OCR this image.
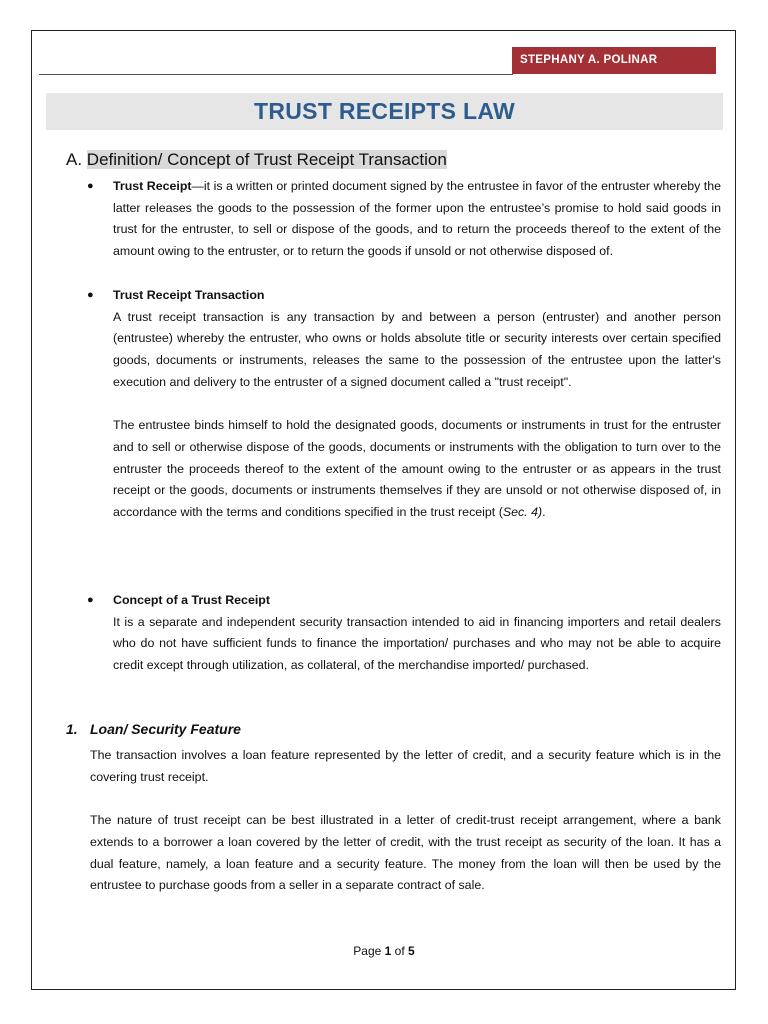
STEPHANY A. POLINAR
TRUST RECEIPTS LAW
A. Definition/ Concept of Trust Receipt Transaction
● Trust Receipt—it is a written or printed document signed by the entrustee in favor of the entruster whereby the latter releases the goods to the possession of the former upon the entrustee’s promise to hold said goods in trust for the entruster, to sell or dispose of the goods, and to return the proceeds thereof to the extent of the amount owing to the entruster, or to return the goods if unsold or not otherwise disposed of.

● Trust Receipt Transaction

A trust receipt transaction is any transaction by and between a person (entruster) and another person (entrustee) whereby the entruster, who owns or holds absolute title or security interests over certain specified goods, documents or instruments, releases the same to the possession of the entrustee upon the latter's execution and delivery to the entruster of a signed document called a "trust receipt".

The entrustee binds himself to hold the designated goods, documents or instruments in trust for the entruster and to sell or otherwise dispose of the goods, documents or instruments with the obligation to turn over to the entruster the proceeds thereof to the extent of the amount owing to the entruster or as appears in the trust receipt or the goods, documents or instruments themselves if they are unsold or not otherwise disposed of, in accordance with the terms and conditions specified in the trust receipt (Sec. 4).

● Concept of a Trust Receipt

It is a separate and independent security transaction intended to aid in financing importers and retail dealers who do not have sufficient funds to finance the importation/ purchases and who may not be able to acquire credit except through utilization, as collateral, of the merchandise imported/ purchased.

1. Loan/ Security Feature

The transaction involves a loan feature represented by the letter of credit, and a security feature which is in the covering trust receipt.

The nature of trust receipt can be best illustrated in a letter of credit-trust receipt arrangement, where a bank extends to a borrower a loan covered by the letter of credit, with the trust receipt as security of the loan. It has a dual feature, namely, a loan feature and a security feature. The money from the loan will then be used by the entrustee to purchase goods from a seller in a separate contract of sale.

Page 1 of 5
